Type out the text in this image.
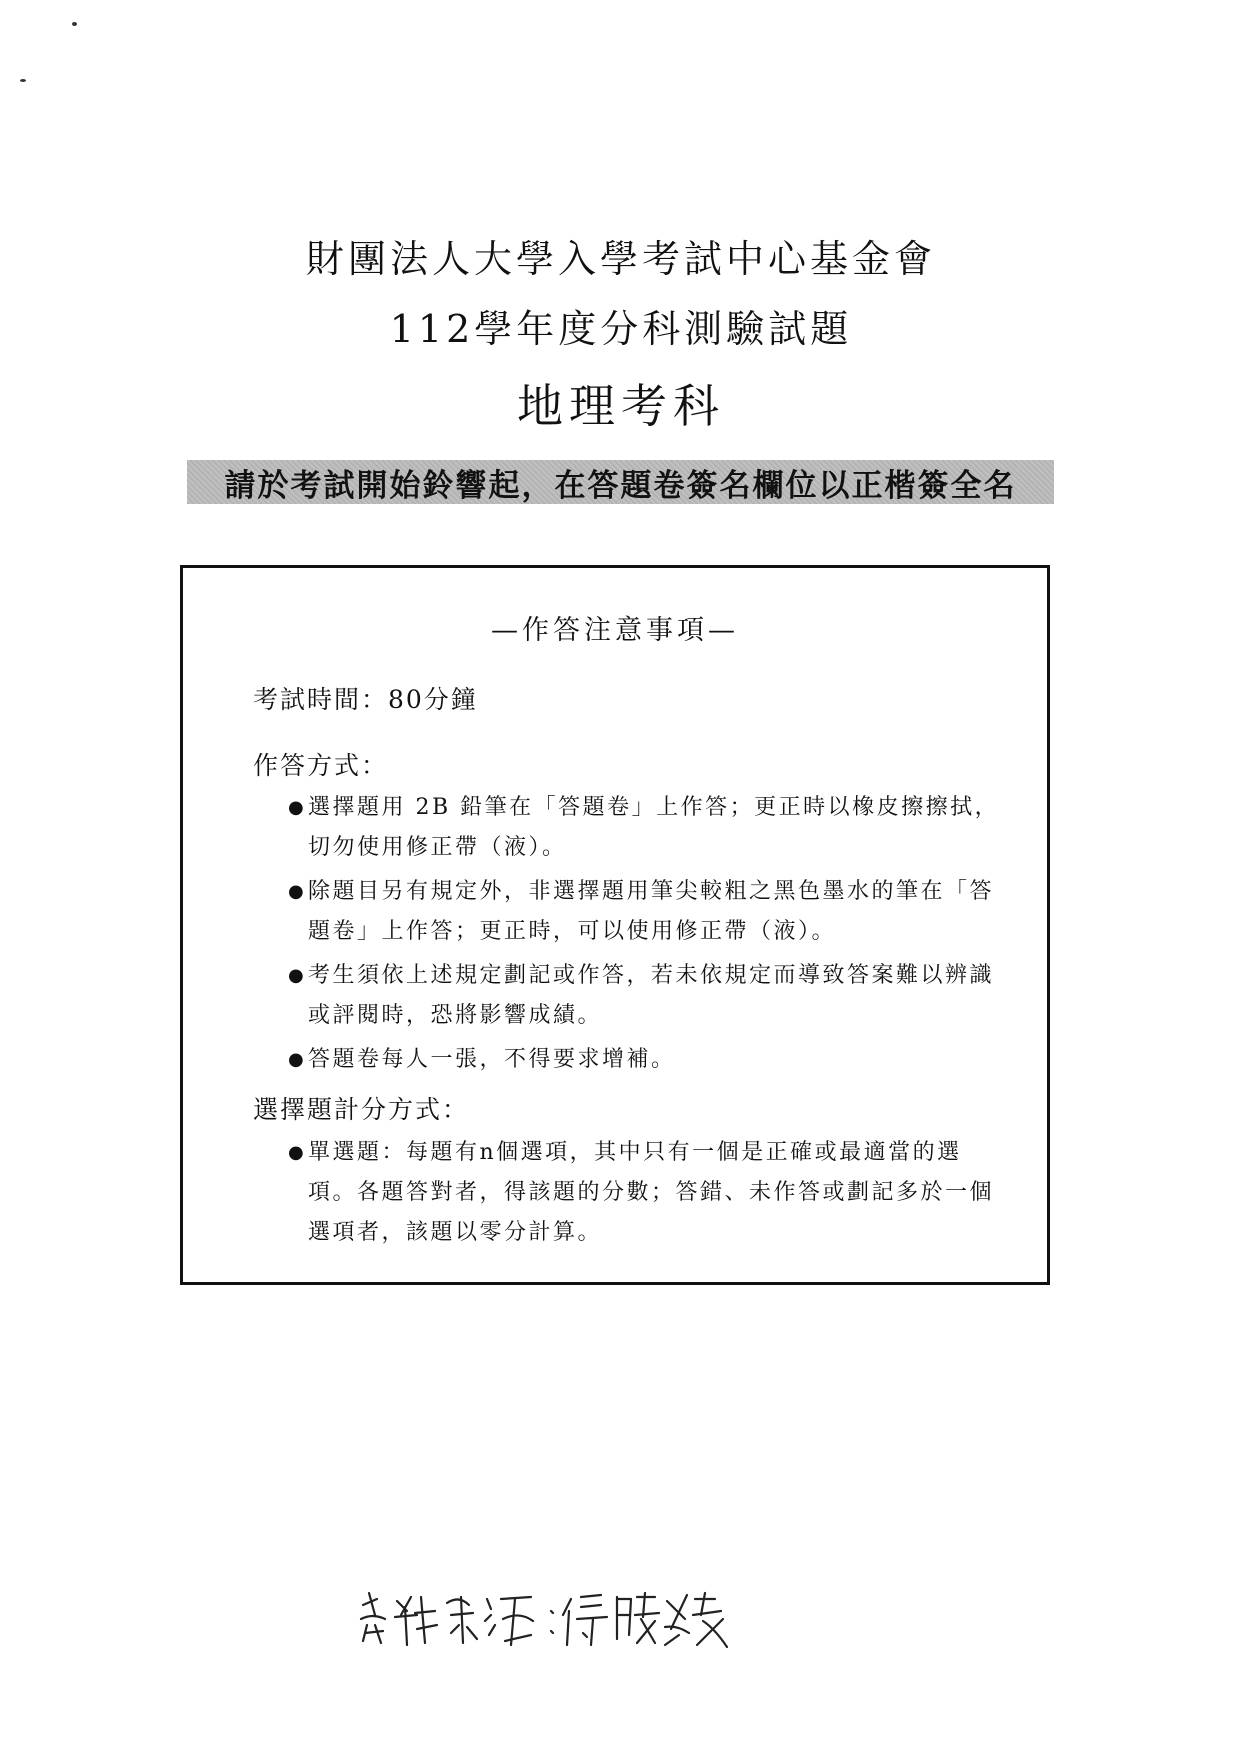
財團法人大學入學考試中心基金會
112學年度分科測驗試題
地理考科
請於考試開始鈴響起，在答題卷簽名欄位以正楷簽全名
—作答注意事項—
考試時間：80分鐘
作答方式：
● 選擇題用 2B 鉛筆在「答題卷」上作答；更正時以橡皮擦擦拭，切勿使用修正帶（液）。
● 除題目另有規定外，非選擇題用筆尖較粗之黑色墨水的筆在「答題卷」上作答；更正時，可以使用修正帶（液）。
● 考生須依上述規定劃記或作答，若未依規定而導致答案難以辨識或評閱時，恐將影響成績。
● 答題卷每人一張，不得要求增補。
選擇題計分方式：
● 單選題：每題有n個選項，其中只有一個是正確或最適當的選項。各題答對者，得該題的分數；答錯、未作答或劃記多於一個選項者，該題以零分計算。
